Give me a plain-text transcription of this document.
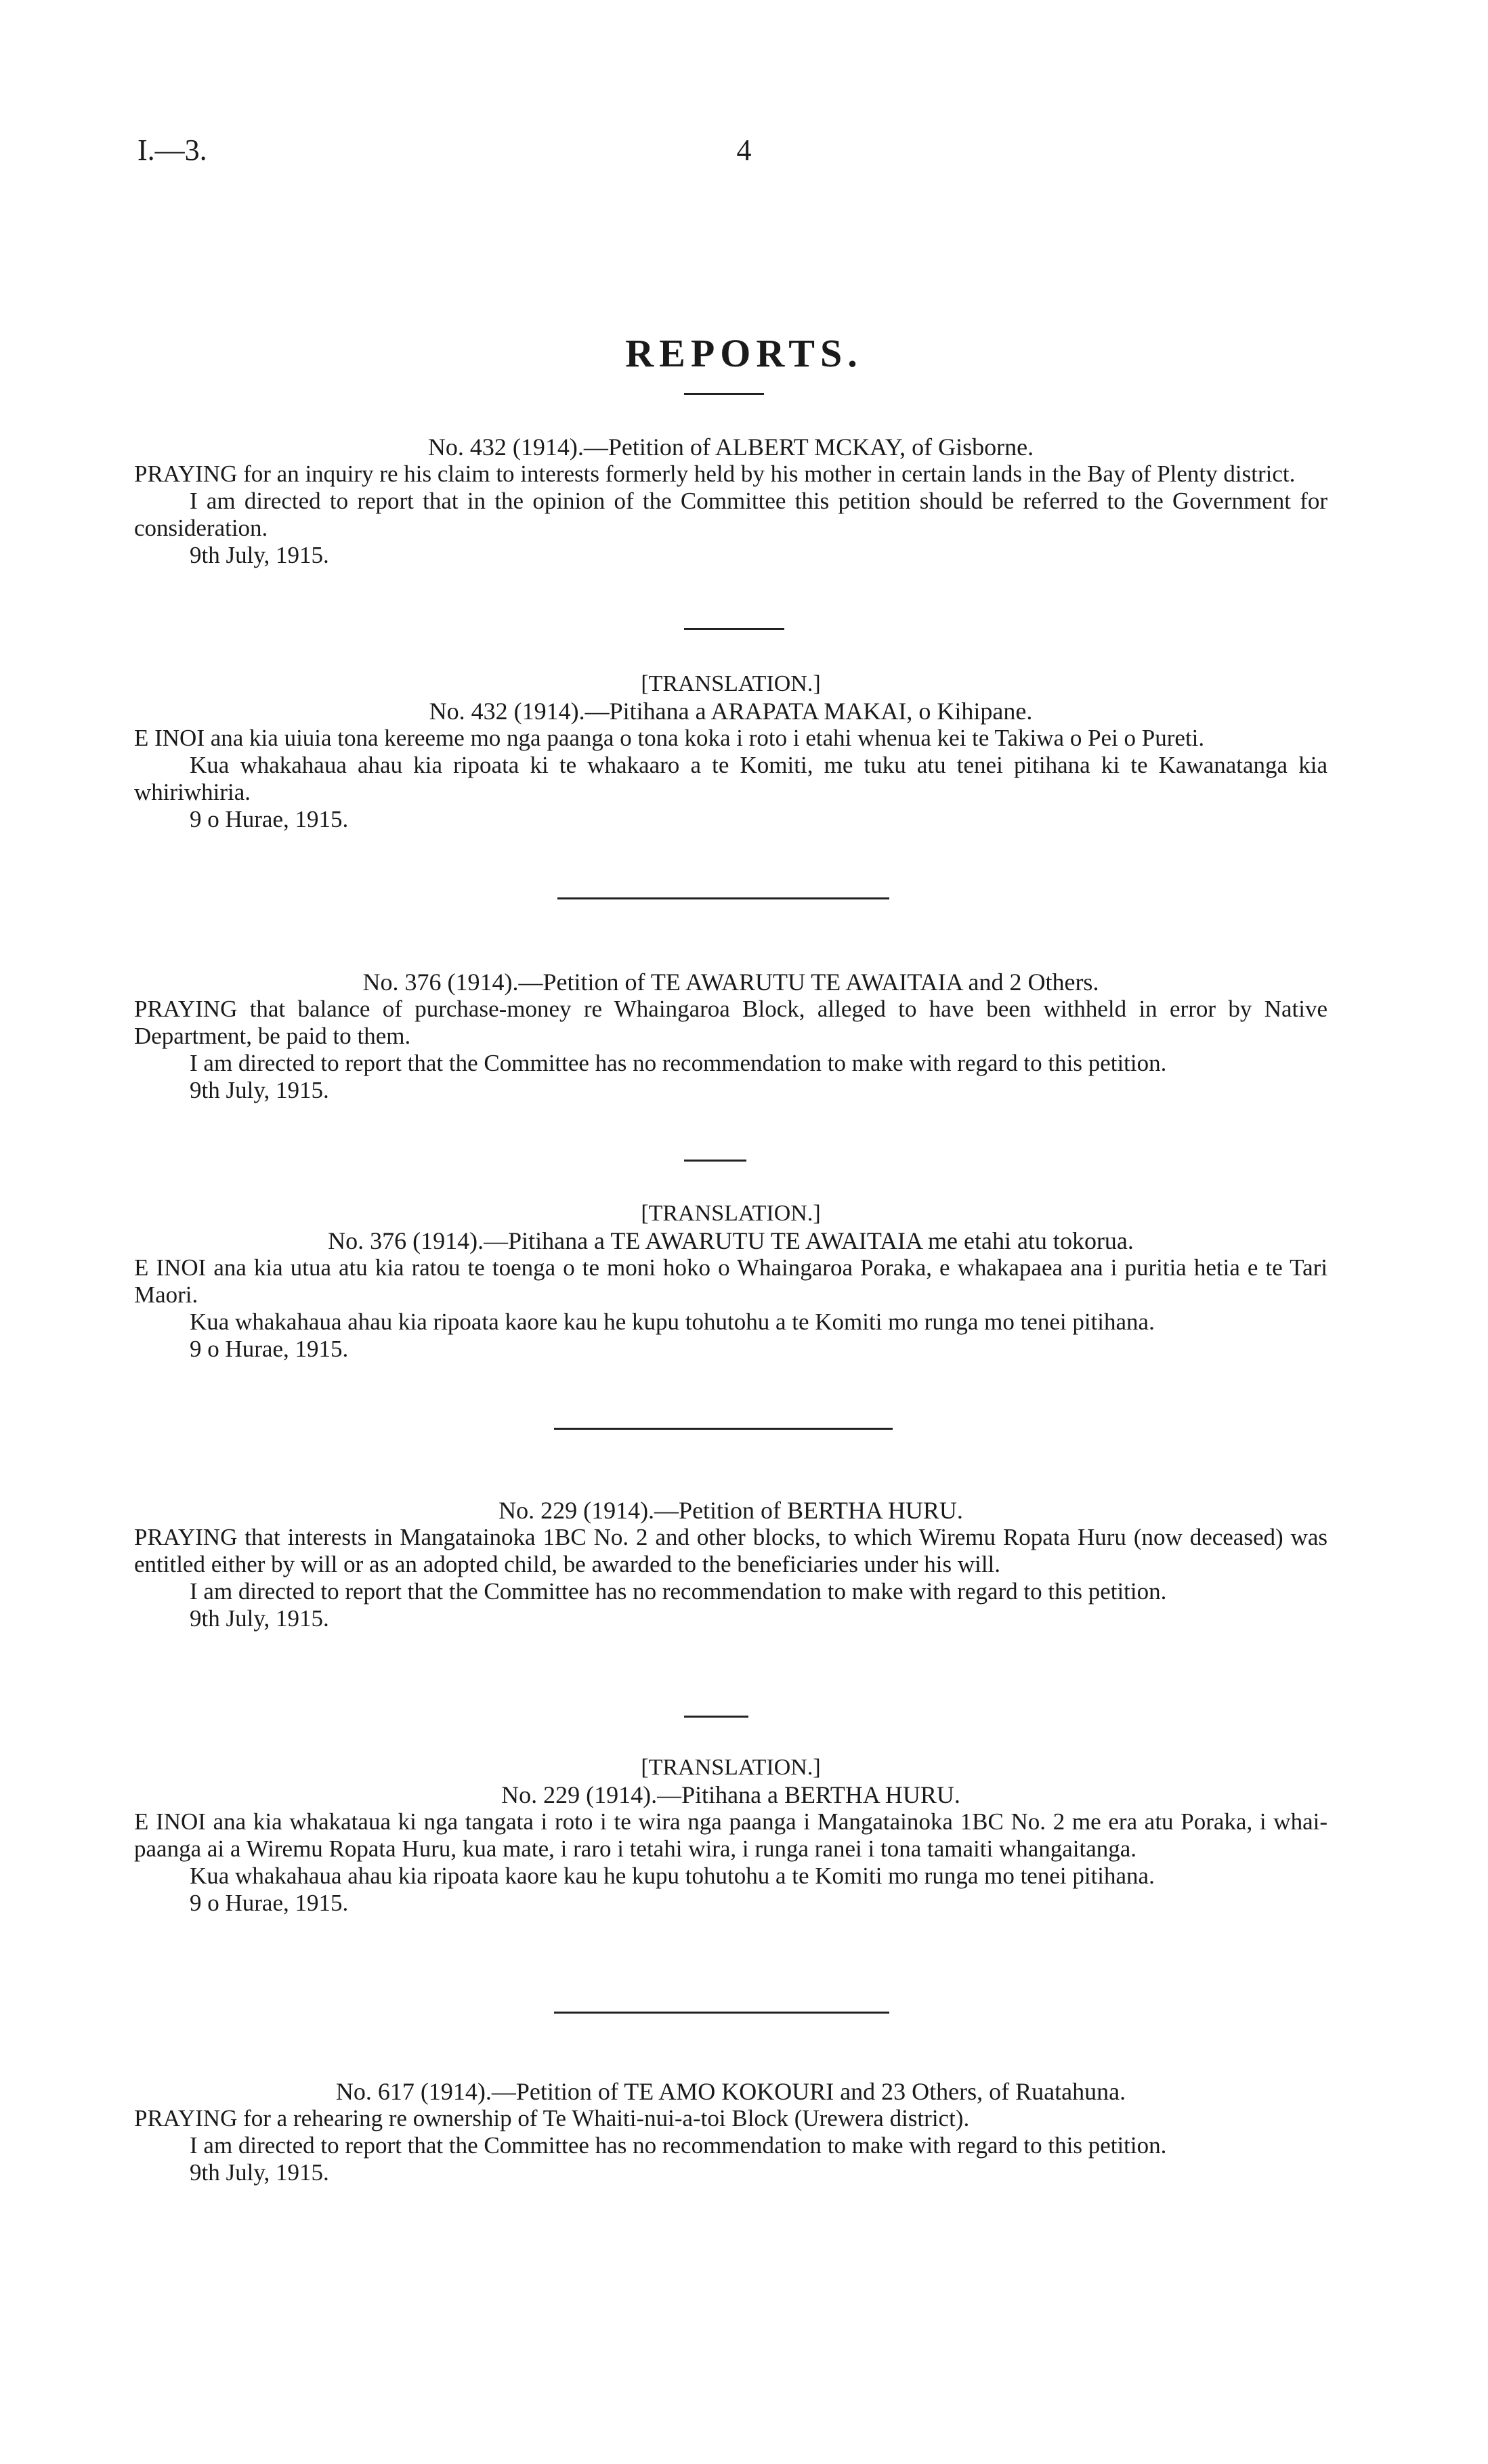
I.—3.	4
REPORTS.
No. 432 (1914).—Petition of ALBERT MCKAY, of Gisborne.
PRAYING for an inquiry re his claim to interests formerly held by his mother in certain lands in the Bay of Plenty district.
I am directed to report that in the opinion of the Committee this petition should be referred to the Government for consideration.
9th July, 1915.
[TRANSLATION.]
No. 432 (1914).—Pitihana a ARAPATA MAKAI, o Kihipane.
E INOI ana kia uiuia tona kereeme mo nga paanga o tona koka i roto i etahi whenua kei te Takiwa o Pei o Pureti.
Kua whakahaua ahau kia ripoata ki te whakaaro a te Komiti, me tuku atu tenei pitihana ki te Kawanatanga kia whiriwhiria.
9 o Hurae, 1915.
No. 376 (1914).—Petition of TE AWARUTU TE AWAITAIA and 2 Others.
PRAYING that balance of purchase-money re Whaingaroa Block, alleged to have been withheld in error by Native Department, be paid to them.
I am directed to report that the Committee has no recommendation to make with regard to this petition.
9th July, 1915.
[TRANSLATION.]
No. 376 (1914).—Pitihana a TE AWARUTU TE AWAITAIA me etahi atu tokorua.
E INOI ana kia utua atu kia ratou te toenga o te moni hoko o Whaingaroa Poraka, e whakapaea ana i puritia hetia e te Tari Maori.
Kua whakahaua ahau kia ripoata kaore kau he kupu tohutohu a te Komiti mo runga mo tenei pitihana.
9 o Hurae, 1915.
No. 229 (1914).—Petition of BERTHA HURU.
PRAYING that interests in Mangatainoka 1BC No. 2 and other blocks, to which Wiremu Ropata Huru (now deceased) was entitled either by will or as an adopted child, be awarded to the beneficiaries under his will.
I am directed to report that the Committee has no recommendation to make with regard to this petition.
9th July, 1915.
[TRANSLATION.]
No. 229 (1914).—Pitihana a BERTHA HURU.
E INOI ana kia whakataua ki nga tangata i roto i te wira nga paanga i Mangatainoka 1BC No. 2 me era atu Poraka, i whai-paanga ai a Wiremu Ropata Huru, kua mate, i raro i tetahi wira, i runga ranei i tona tamaiti whangaitanga.
Kua whakahaua ahau kia ripoata kaore kau he kupu tohutohu a te Komiti mo runga mo tenei pitihana.
9 o Hurae, 1915.
No. 617 (1914).—Petition of TE AMO KOKOURI and 23 Others, of Ruatahuna.
PRAYING for a rehearing re ownership of Te Whaiti-nui-a-toi Block (Urewera district).
I am directed to report that the Committee has no recommendation to make with regard to this petition.
9th July, 1915.
